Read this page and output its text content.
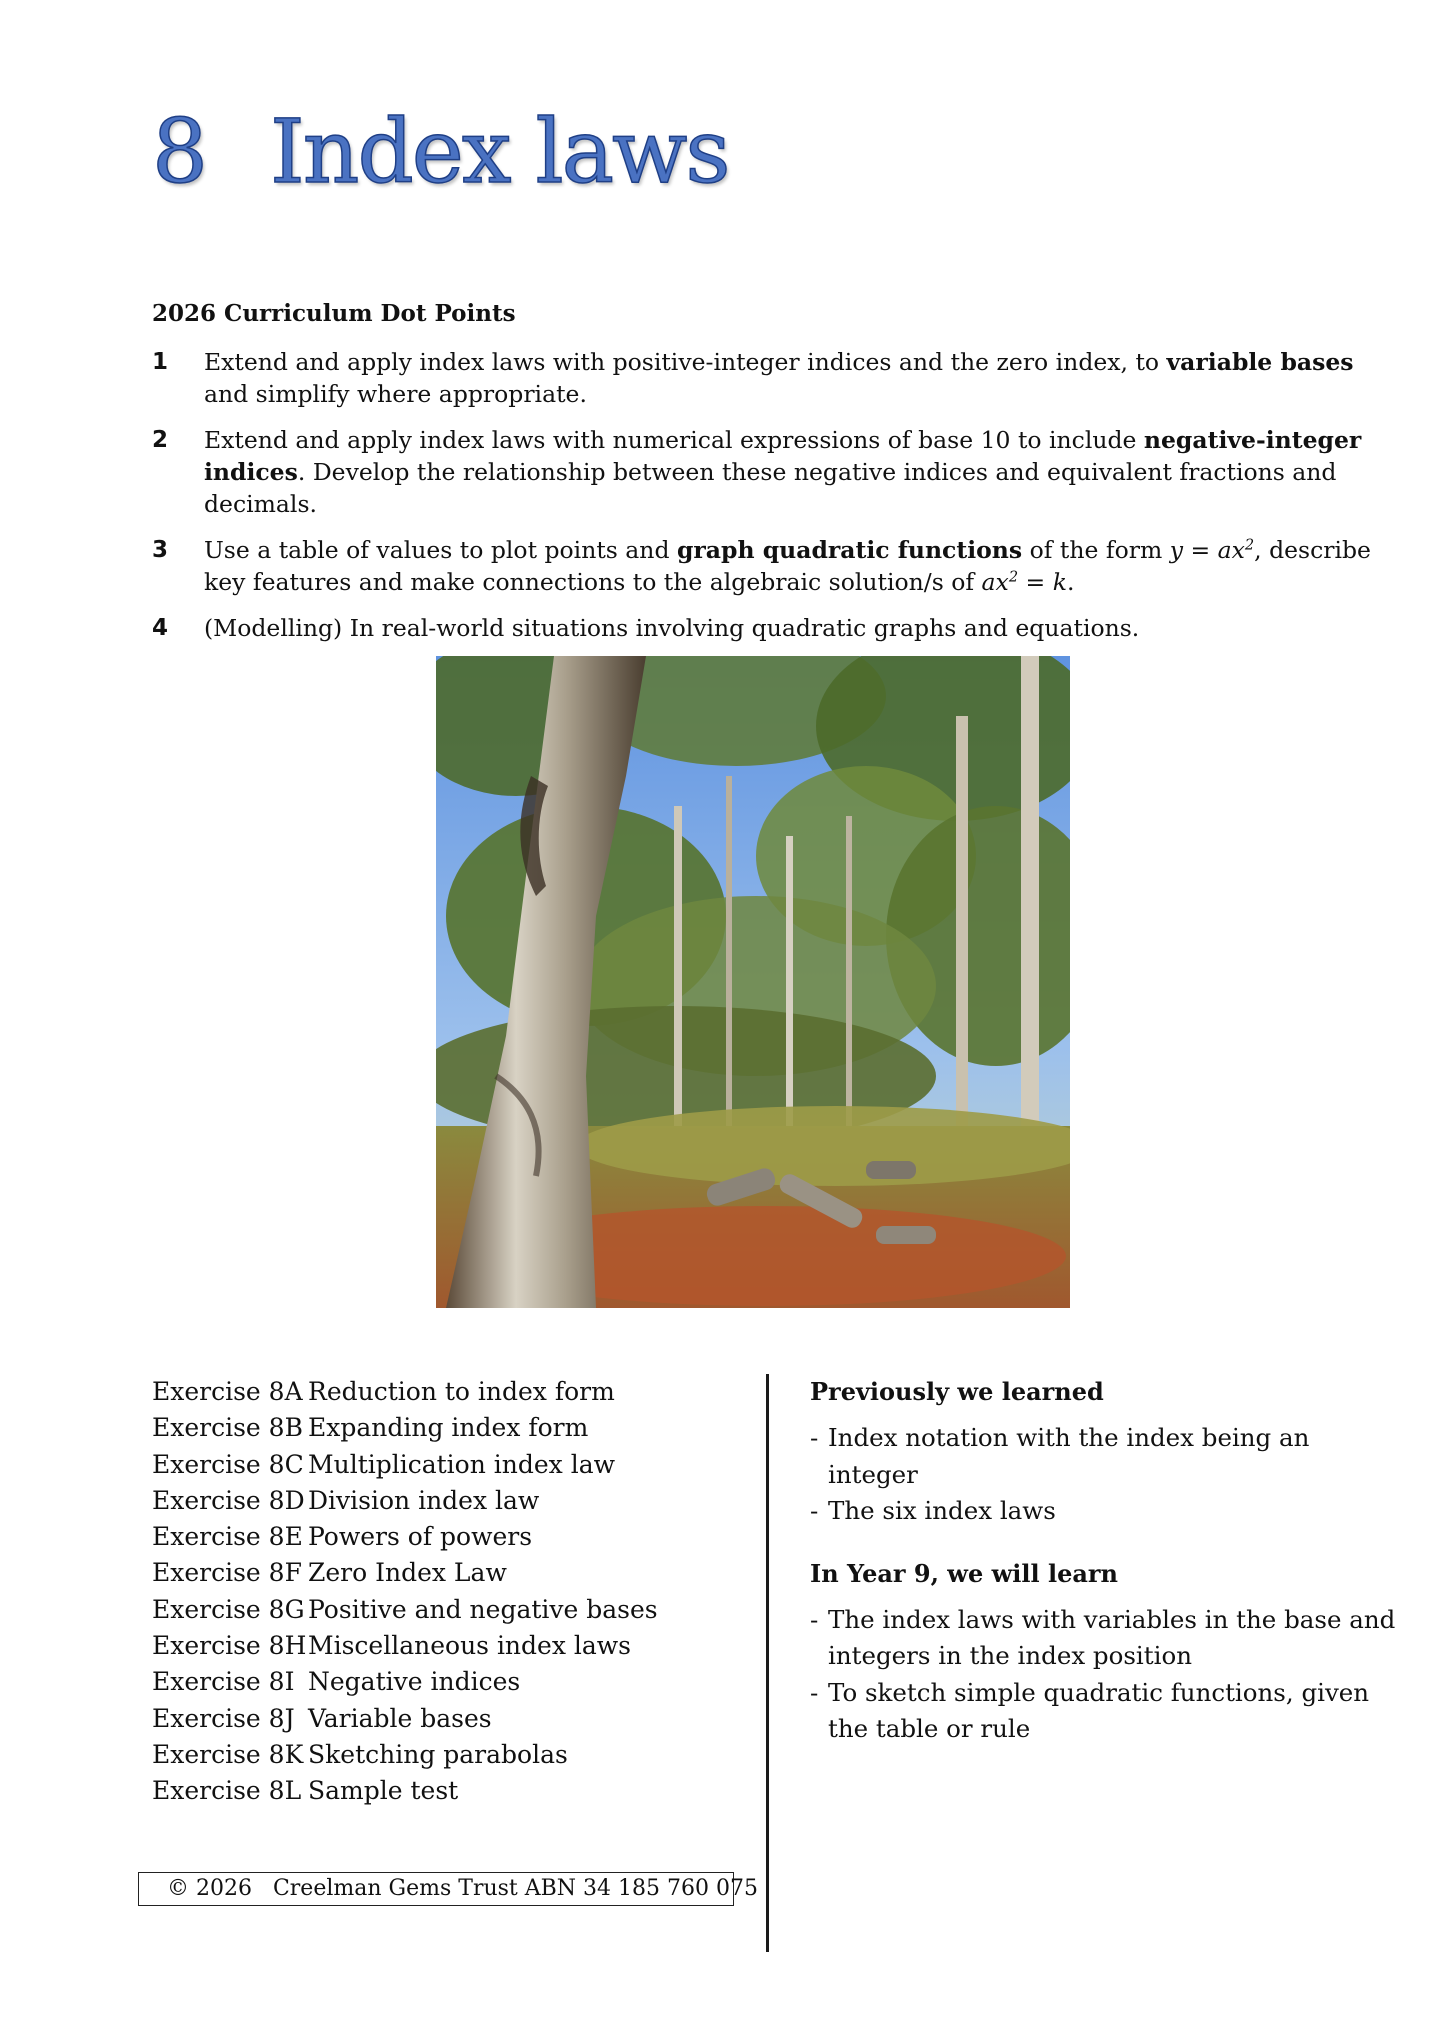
8 Index laws
2026 Curriculum Dot Points
1 Extend and apply index laws with positive-integer indices and the zero index, to variable bases and simplify where appropriate.
2 Extend and apply index laws with numerical expressions of base 10 to include negative-integer indices. Develop the relationship between these negative indices and equivalent fractions and decimals.
3 Use a table of values to plot points and graph quadratic functions of the form $y = ax^2$, describe key features and make connections to the algebraic solution/s of $ax^2 = k$.
4 (Modelling) In real-world situations involving quadratic graphs and equations.
Exercise 8A Reduction to index form
Exercise 8B Expanding index form
Exercise 8C Multiplication index law
Exercise 8D Division index law
Exercise 8E Powers of powers
Exercise 8F Zero Index Law
Exercise 8G Positive and negative bases
Exercise 8H Miscellaneous index laws
Exercise 8I Negative indices
Exercise 8J Variable bases
Exercise 8K Sketching parabolas
Exercise 8L Sample test
Previously we learned
- Index notation with the index being an integer
- The six index laws
In Year 9, we will learn
- The index laws with variables in the base and integers in the index position
- To sketch simple quadratic functions, given the table or rule
© 2026   Creelman Gems Trust ABN 34 185 760 075
